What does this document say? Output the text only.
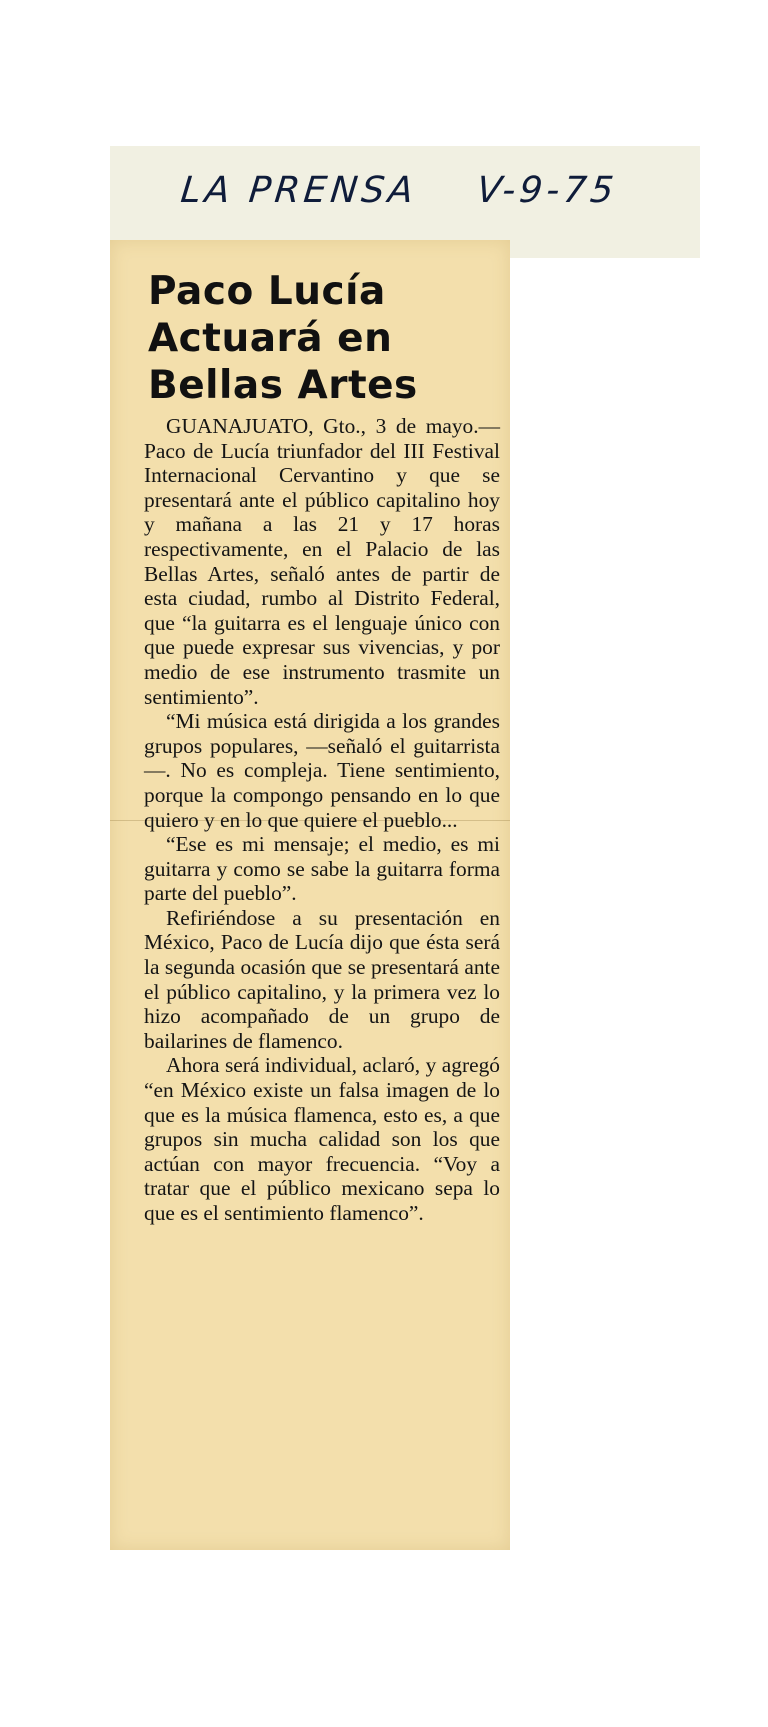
LA PRENSA V-9-75
Paco Lucía Actuará en Bellas Artes

GUANAJUATO, Gto., 3 de mayo.—Paco de Lucía triunfador del III Festival Internacional Cervantino y que se presentará ante el público capitalino hoy y mañana a las 21 y 17 horas respectivamente, en el Palacio de las Bellas Artes, señaló antes de partir de esta ciudad, rumbo al Distrito Federal, que “la guitarra es el lenguaje único con que puede expresar sus vivencias, y por medio de ese instrumento trasmite un sentimiento”.

“Mi música está dirigida a los grandes grupos populares, —señaló el guitarrista—. No es compleja. Tiene sentimiento, porque la compongo pensando en lo que quiero y en lo que quiere el pueblo...

“Ese es mi mensaje; el medio, es mi guitarra y como se sabe la guitarra forma parte del pueblo”.

Refiriéndose a su presentación en México, Paco de Lucía dijo que ésta será la segunda ocasión que se presentará ante el público capitalino, y la primera vez lo hizo acompañado de un grupo de bailarines de flamenco.

Ahora será individual, aclaró, y agregó “en México existe un falsa imagen de lo que es la música flamenca, esto es, a que grupos sin mucha calidad son los que actúan con mayor frecuencia. “Voy a tratar que el público mexicano sepa lo que es el sentimiento flamenco”.
